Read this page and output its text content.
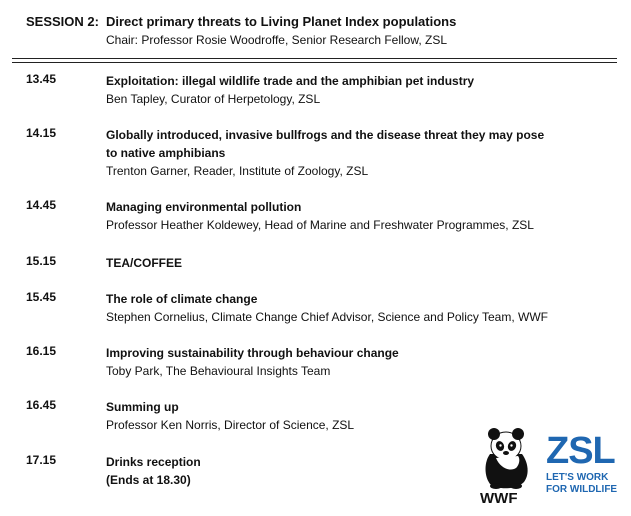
SESSION 2: Direct primary threats to Living Planet Index populations
Chair: Professor Rosie Woodroffe, Senior Research Fellow, ZSL
13.45	Exploitation: illegal wildlife trade and the amphibian pet industry
Ben Tapley, Curator of Herpetology, ZSL
14.15	Globally introduced, invasive bullfrogs and the disease threat they may pose to native amphibians
Trenton Garner, Reader, Institute of Zoology, ZSL
14.45	Managing environmental pollution
Professor Heather Koldewey, Head of Marine and Freshwater Programmes, ZSL
15.15	TEA/COFFEE
15.45	The role of climate change
Stephen Cornelius, Climate Change Chief Advisor, Science and Policy Team, WWF
16.15	Improving sustainability through behaviour change
Toby Park, The Behavioural Insights Team
16.45	Summing up
Professor Ken Norris, Director of Science, ZSL
17.15	Drinks reception
(Ends at 18.30)
WWF
ZSL
LET'S WORK
FOR WILDLIFE
